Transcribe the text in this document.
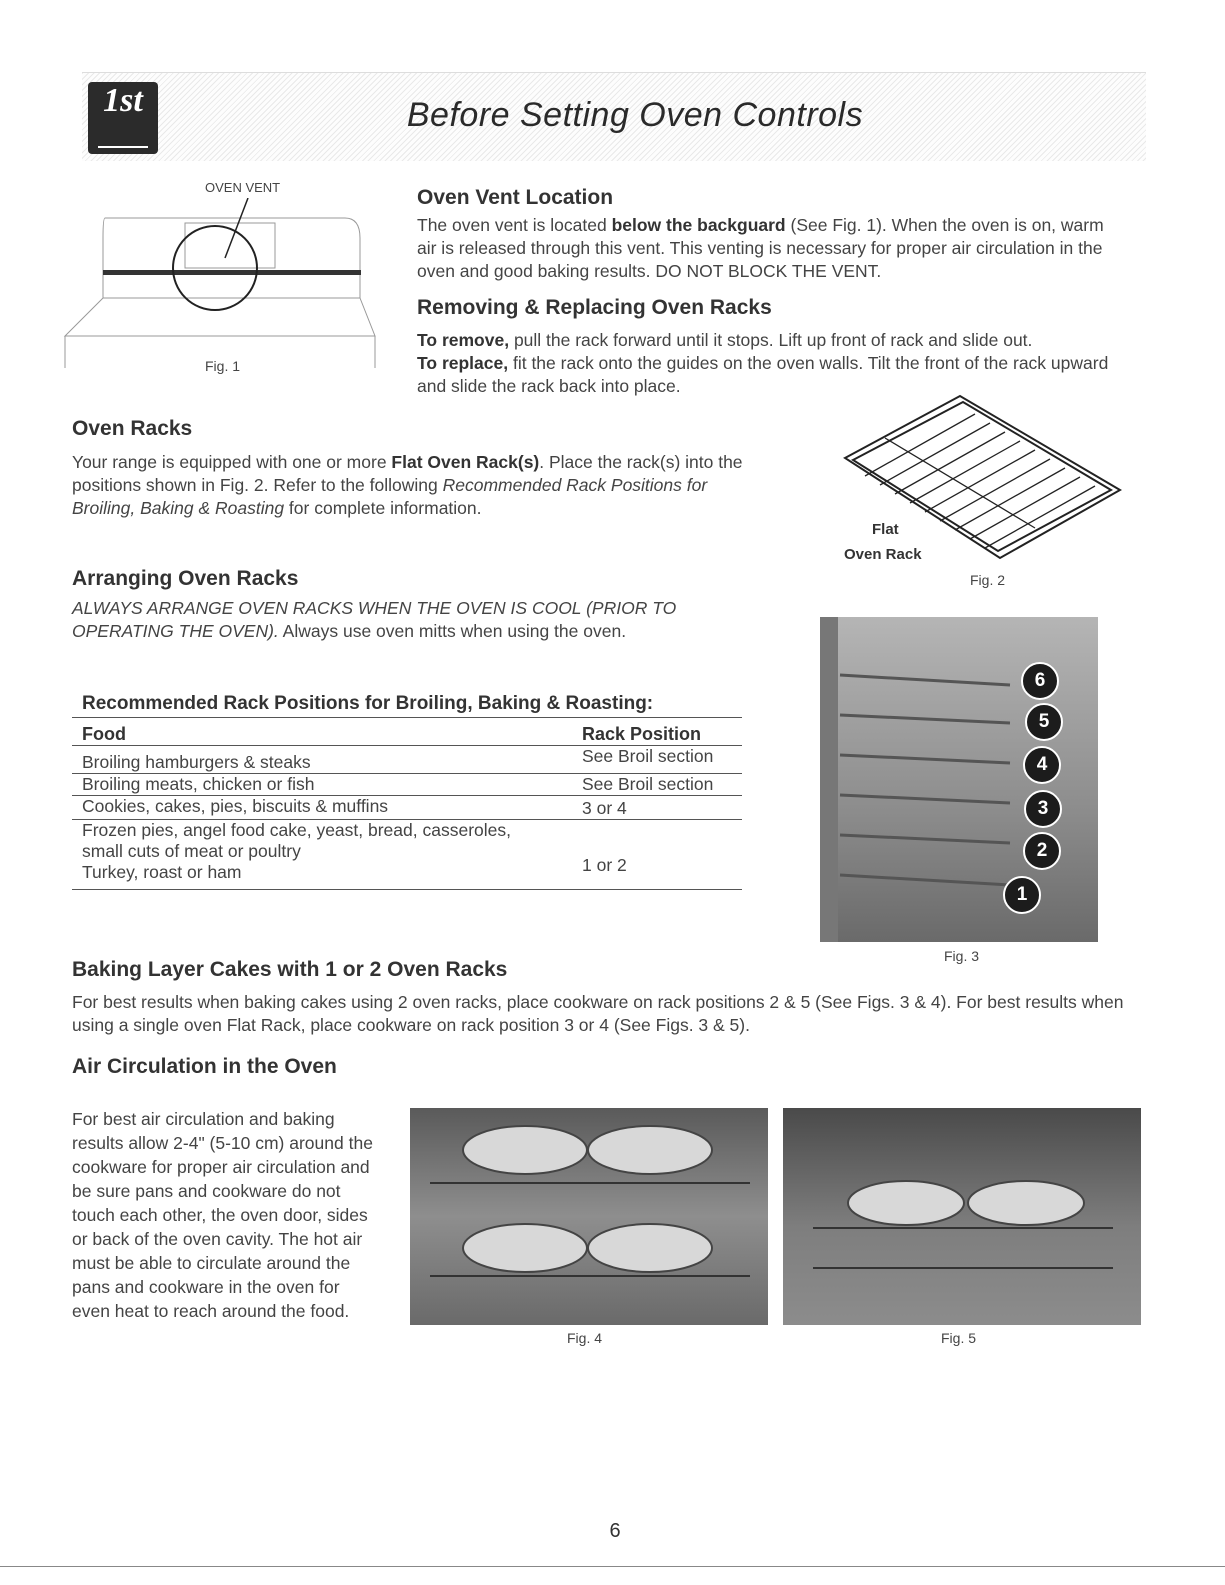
1st	Before Setting Oven Controls
OVEN VENT
Fig. 1
Oven Vent Location

The oven vent is located below the backguard (See Fig. 1). When the oven is on, warm air is released through this vent. This venting is necessary for proper air circulation in the oven and good baking results. DO NOT BLOCK THE VENT.

Removing & Replacing Oven Racks

To remove, pull the rack forward until it stops. Lift up front of rack and slide out.
To replace, fit the rack onto the guides on the oven walls. Tilt the front of the rack upward and slide the rack back into place.

Oven Racks

Your range is equipped with one or more Flat Oven Rack(s). Place the rack(s) into the positions shown in Fig. 2. Refer to the following Recommended Rack Positions for Broiling, Baking & Roasting for complete information.

Flat
Oven Rack
Fig. 2
Arranging Oven Racks

ALWAYS ARRANGE OVEN RACKS WHEN THE OVEN IS COOL (PRIOR TO OPERATING THE OVEN). Always use oven mitts when using the oven.

Recommended Rack Positions for Broiling, Baking & Roasting:
Food	Rack Position
Broiling hamburgers & steaks	See Broil section
Broiling meats, chicken or fish	See Broil section
Cookies, cakes, pies, biscuits & muffins	3 or 4

Frozen pies, angel food cake, yeast, bread, casseroles,
small cuts of meat or poultry
Turkey, roast or ham	1 or 2
6
5
4
3
2
1
Fig. 3
Baking Layer Cakes with 1 or 2 Oven Racks

For best results when baking cakes using 2 oven racks, place cookware on rack positions 2 & 5 (See Figs. 3 & 4). For best results when using a single oven Flat Rack, place cookware on rack position 3 or 4 (See Figs. 3 & 5).

Air Circulation in the Oven

For best air circulation and baking results allow 2-4" (5-10 cm) around the cookware for proper air circulation and be sure pans and cookware do not touch each other, the oven door, sides or back of the oven cavity. The hot air must be able to circulate around the pans and cookware in the oven for even heat to reach around the food.

Fig. 4	Fig. 5
6
